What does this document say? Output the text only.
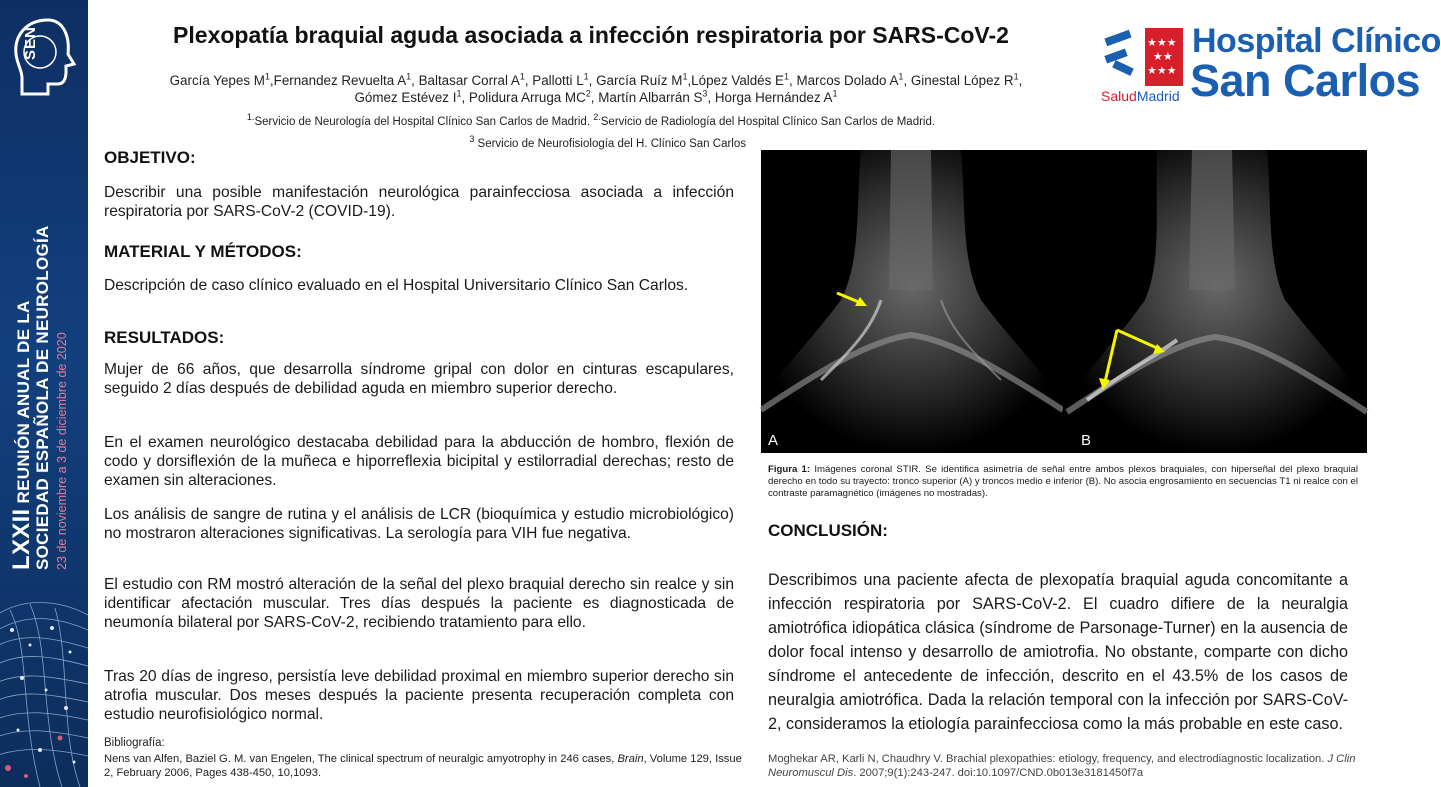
SEN
LXXII REUNIÓN ANUAL DE LA SOCIEDAD ESPAÑOLA DE NEUROLOGÍA 23 de noviembre a 3 de diciembre de 2020
Plexopatía braquial aguda asociada a infección respiratoria por SARS-CoV-2
García Yepes $M^1,Fernandez$ Revuelta $A^1$, Baltasar Corral $A^1$, Pallotti $L^1$, García Ruíz $M^1,López$ Valdés $E^1$, Marcos Dolado $A^1$, Ginestal López $R^1$,
Gómez Estévez $I^1$, Polidura Arruga $MC^2$, Martín Albarrán $S^3$, Horga Hernández $A^1$
$^{1.}$Servicio de Neurología del Hospital Clínico San Carlos de Madrid. $^{2.}$Servicio de Radiología del Hospital Clínico San Carlos de Madrid.
$^3$ Servicio de Neurofisiología del H. Clínico San Carlos
★★★
★★
★★★
Hospital Clínico
San Carlos
SaludMadrid
OBJETIVO:

Describir una posible manifestación neurológica parainfecciosa asociada a infección respiratoria por SARS-CoV-2 (COVID-19).

MATERIAL Y MÉTODOS:

Descripción de caso clínico evaluado en el Hospital Universitario Clínico San Carlos.

RESULTADOS:

Mujer de 66 años, que desarrolla síndrome gripal con dolor en cinturas escapulares, seguido 2 días después de debilidad aguda en miembro superior derecho.

En el examen neurológico destacaba debilidad para la abducción de hombro, flexión de codo y dorsiflexión de la muñeca e hiporreflexia bicipital y estilorradial derechas; resto de examen sin alteraciones.

Los análisis de sangre de rutina y el análisis de LCR (bioquímica y estudio microbiológico) no mostraron alteraciones significativas. La serología para VIH fue negativa.

El estudio con RM mostró alteración de la señal del plexo braquial derecho sin realce y sin identificar afectación muscular. Tres días después la paciente es diagnosticada de neumonía bilateral por SARS-CoV-2, recibiendo tratamiento para ello.

Tras 20 días de ingreso, persistía leve debilidad proximal en miembro superior derecho sin atrofia muscular. Dos meses después la paciente presenta recuperación completa con estudio neurofisiológico normal.

Bibliografía:
Nens van Alfen, Baziel G. M. van Engelen, The clinical spectrum of neuralgic amyotrophy in 246 cases, Brain, Volume 129, Issue 2, February 2006, Pages 438-450, 10,1093.
A	B
Figura 1: Imágenes coronal STIR. Se identifica asimetría de señal entre ambos plexos braquiales, con hiperseñal del plexo braquial derecho en todo su trayecto: tronco superior (A) y troncos medio e inferior (B). No asocia engrosamiento en secuencias T1 ni realce con el contraste paramagnético (imágenes no mostradas).
CONCLUSIÓN:

Describimos una paciente afecta de plexopatía braquial aguda concomitante a infección respiratoria por SARS-CoV-2. El cuadro difiere de la neuralgia amiotrófica idiopática clásica (síndrome de Parsonage-Turner) en la ausencia de dolor focal intenso y desarrollo de amiotrofia. No obstante, comparte con dicho síndrome el antecedente de infección, descrito en el 43.5% de los casos de neuralgia amiotrófica. Dada la relación temporal con la infección por SARS-CoV-2, consideramos la etiología parainfecciosa como la más probable en este caso.

Moghekar AR, Karli N, Chaudhry V. Brachial plexopathies: etiology, frequency, and electrodiagnostic localization. J Clin Neuromuscul Dis. 2007;9(1):243-247. doi:10.1097/CND.0b013e3181450f7a
